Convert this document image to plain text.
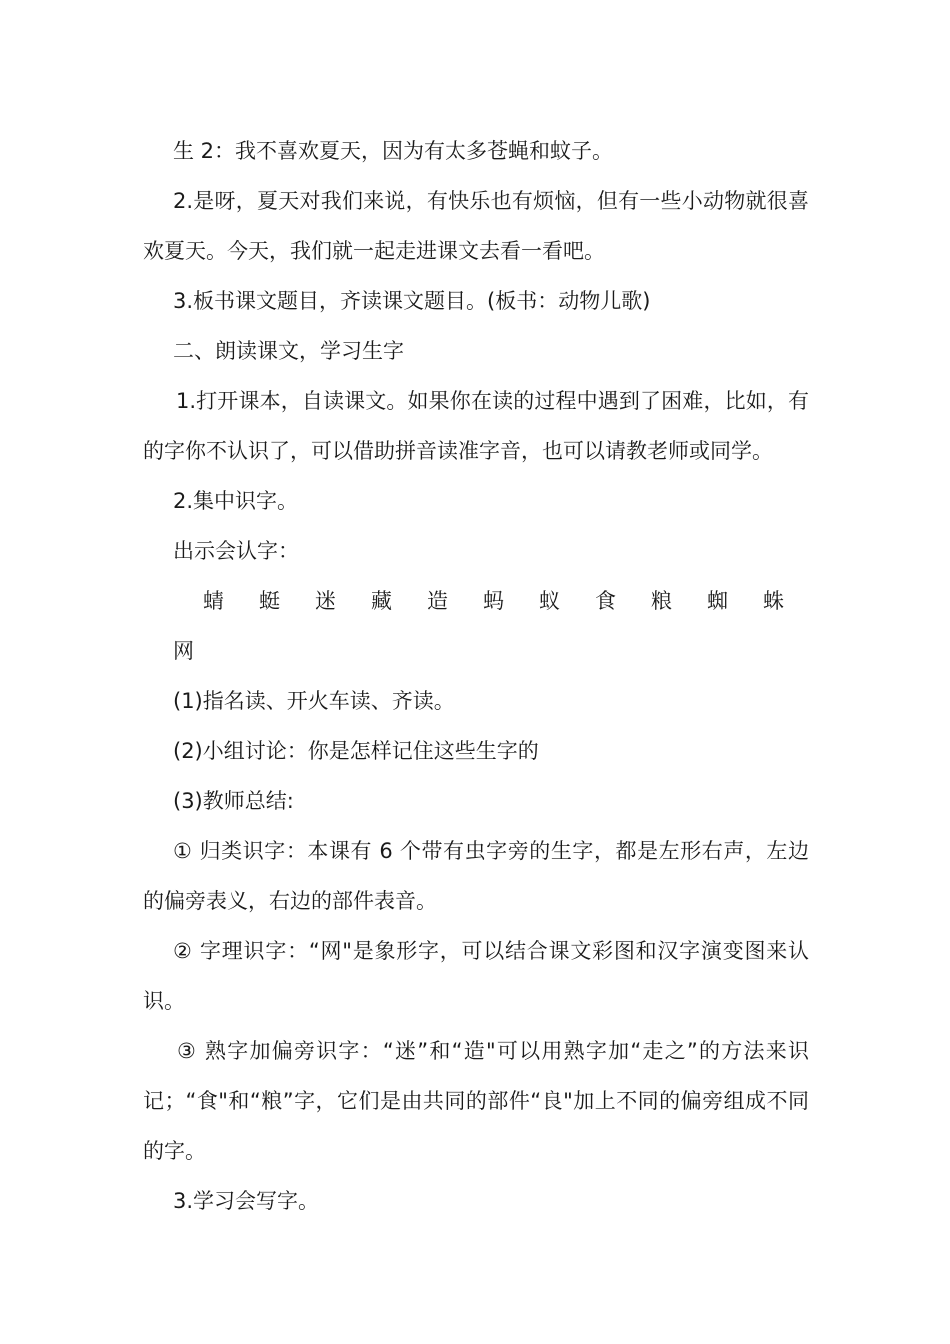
生 2：我不喜欢夏天，因为有太多苍蝇和蚊子。

2.是呀，夏天对我们来说，有快乐也有烦恼，但有一些小动物就很喜欢夏天。今天，我们就一起走进课文去看一看吧。

3.板书课文题目，齐读课文题目。(板书：动物儿歌)

二、朗读课文，学习生字

1.打开课本，自读课文。如果你在读的过程中遇到了困难，比如，有的字你不认识了，可以借助拼音读准字音，也可以请教老师或同学。

2.集中识字。

出示会认字：

蜻 蜓 迷 藏 造 蚂 蚁 食 粮 蜘 蛛网

(1)指名读、开火车读、齐读。

(2)小组讨论：你是怎样记住这些生字的

(3)教师总结:

① 归类识字：本课有 6 个带有虫字旁的生字，都是左形右声，左边的偏旁表义，右边的部件表音。

② 字理识字：“网"是象形字，可以结合课文彩图和汉字演变图来认识。

③ 熟字加偏旁识字：“迷”和“造"可以用熟字加“走之”的方法来识记；“食"和“粮”字，它们是由共同的部件“良"加上不同的偏旁组成不同的字。

3.学习会写字。
